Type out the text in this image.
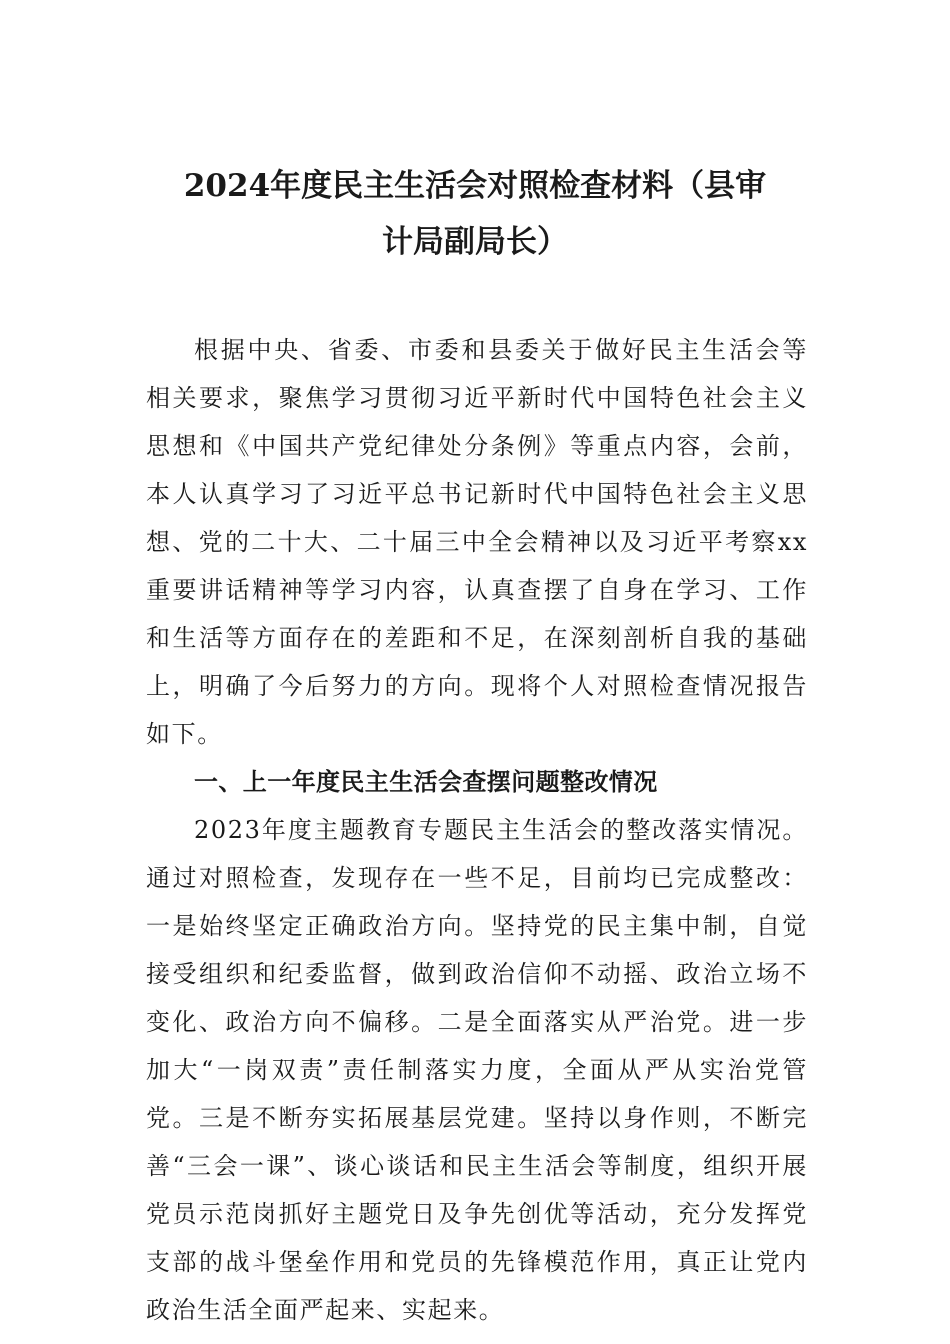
2024年度民主生活会对照检查材料（县审
计局副局长）

根据中央、省委、市委和县委关于做好民主生活会等相关要求，聚焦学习贯彻习近平新时代中国特色社会主义思想和《中国共产党纪律处分条例》等重点内容，会前，本人认真学习了习近平总书记新时代中国特色社会主义思想、党的二十大、二十届三中全会精神以及习近平考察xx重要讲话精神等学习内容，认真查摆了自身在学习、工作和生活等方面存在的差距和不足，在深刻剖析自我的基础上，明确了今后努力的方向。现将个人对照检查情况报告如下。

一、上一年度民主生活会查摆问题整改情况

2023年度主题教育专题民主生活会的整改落实情况。通过对照检查，发现存在一些不足，目前均已完成整改：一是始终坚定正确政治方向。坚持党的民主集中制，自觉接受组织和纪委监督，做到政治信仰不动摇、政治立场不变化、政治方向不偏移。二是全面落实从严治党。进一步加大“一岗双责”责任制落实力度，全面从严从实治党管党。三是不断夯实拓展基层党建。坚持以身作则，不断完善“三会一课”、谈心谈话和民主生活会等制度，组织开展党员示范岗抓好主题党日及争先创优等活动，充分发挥党支部的战斗堡垒作用和党员的先锋模范作用，真正让党内政治生活全面严起来、实起来。
